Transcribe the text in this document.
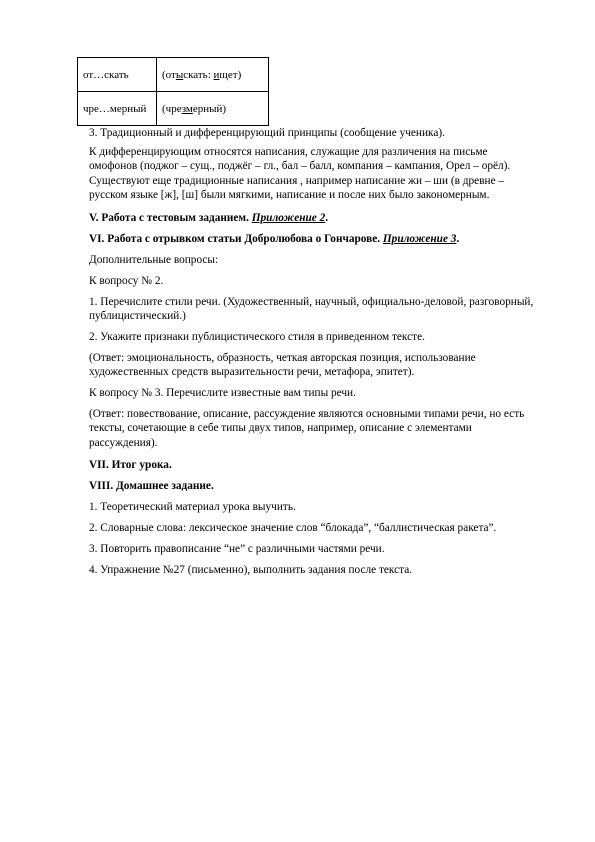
от…скать	(отыскать: ищет)
чре…мерный	(чрезмерный)

3. Традиционный и дифференцирующий принципы (сообщение ученика).

К дифференцирующим относятся написания, служащие для различения на письме
омофонов (поджог – сущ., поджёг – гл., бал – балл, компания – кампания, Орел – орёл).
Существуют еще традиционные написания , например написание жи – ши (в древне –
русском языке [ж], [ш] были мягкими, написание и после них было закономерным.

V. Работа с тестовым заданием. Приложение 2.

VI. Работа с отрывком статьи Добролюбова о Гончарове. Приложение 3.

Дополнительные вопросы:

К вопросу № 2.

1. Перечислите стили речи. (Художественный, научный, официально-деловой, разговорный,
публицистический.)

2. Укажите признаки публицистического стиля в приведенном тексте.

(Ответ: эмоциональность, образность, четкая авторская позиция, использование
художественных средств выразительности речи, метафора, эпитет).

К вопросу № 3. Перечислите известные вам типы речи.

(Ответ: повествование, описание, рассуждение являются основными типами речи, но есть
тексты, сочетающие в себе типы двух типов, например, описание с элементами
рассуждения).

VII. Итог урока.

VIII. Домашнее задание.

1. Теоретический материал урока выучить.

2. Словарные слова: лексическое значение слов “блокада”, “баллистическая ракета”.

3. Повторить правописание “не” с различными частями речи.

4. Упражнение №27 (письменно), выполнить задания после текста.
